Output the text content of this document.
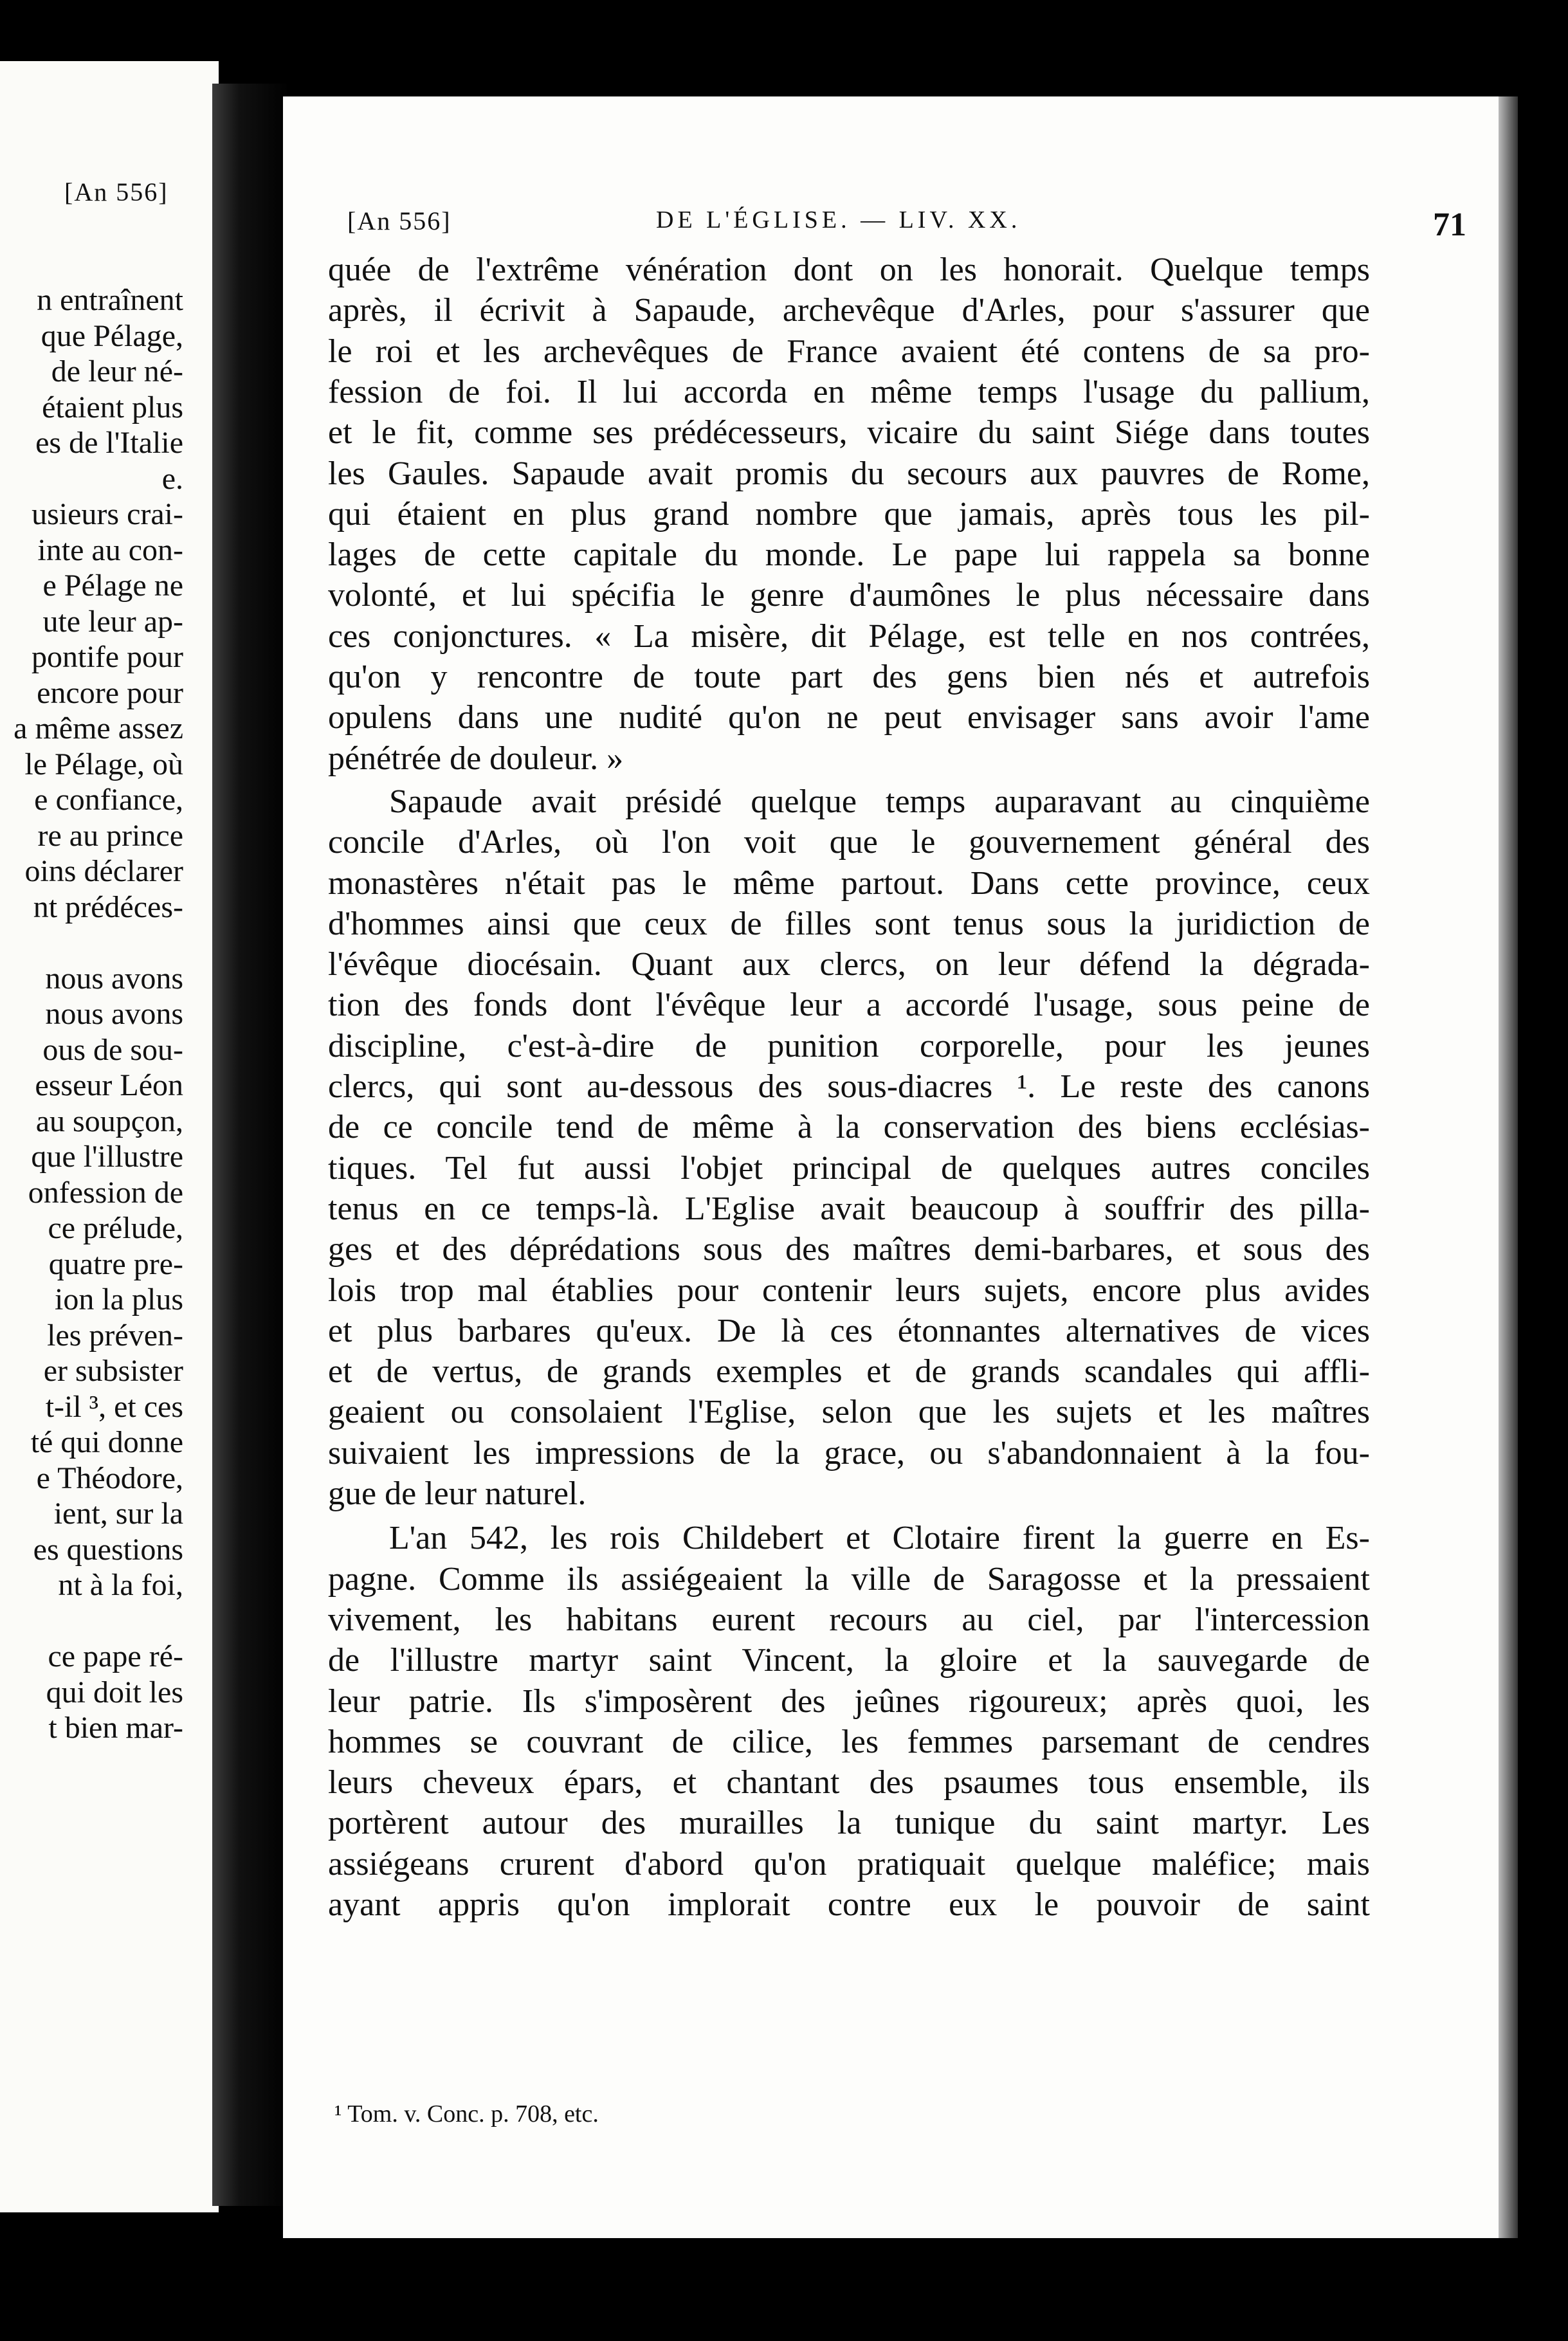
[An 556]
n entraînent
que Pélage,
de leur né-
étaient plus
es de l'Italie
e.
usieurs crai-
inte au con-
e Pélage ne
ute leur ap-
pontife pour
encore pour
a même assez
le Pélage, où
e confiance,
re au prince
oins déclarer
nt prédéces-
nous avons
nous avons
ous de sou-
esseur Léon
au soupçon,
que l'illustre
onfession de
ce prélude,
quatre pre-
ion la plus
les préven-
er subsister
t-il ³, et ces
té qui donne
e Théodore,
ient, sur la
es questions
nt à la foi,
ce pape ré-
qui doit les
t bien mar-
[An 556]	DE L'ÉGLISE. — LIV. XX.	71
quée de l'extrême vénération dont on les honorait. Quelque temps
après, il écrivit à Sapaude, archevêque d'Arles, pour s'assurer que
le roi et les archevêques de France avaient été contens de sa pro-
fession de foi. Il lui accorda en même temps l'usage du pallium,
et le fit, comme ses prédécesseurs, vicaire du saint Siége dans toutes
les Gaules. Sapaude avait promis du secours aux pauvres de Rome,
qui étaient en plus grand nombre que jamais, après tous les pil-
lages de cette capitale du monde. Le pape lui rappela sa bonne
volonté, et lui spécifia le genre d'aumônes le plus nécessaire dans
ces conjonctures. « La misère, dit Pélage, est telle en nos contrées,
qu'on y rencontre de toute part des gens bien nés et autrefois
opulens dans une nudité qu'on ne peut envisager sans avoir l'ame
pénétrée de douleur. »
Sapaude avait présidé quelque temps auparavant au cinquième
concile d'Arles, où l'on voit que le gouvernement général des
monastères n'était pas le même partout. Dans cette province, ceux
d'hommes ainsi que ceux de filles sont tenus sous la juridiction de
l'évêque diocésain. Quant aux clercs, on leur défend la dégrada-
tion des fonds dont l'évêque leur a accordé l'usage, sous peine de
discipline, c'est-à-dire de punition corporelle, pour les jeunes
clercs, qui sont au-dessous des sous-diacres ¹. Le reste des canons
de ce concile tend de même à la conservation des biens ecclésias-
tiques. Tel fut aussi l'objet principal de quelques autres conciles
tenus en ce temps-là. L'Eglise avait beaucoup à souffrir des pilla-
ges et des déprédations sous des maîtres demi-barbares, et sous des
lois trop mal établies pour contenir leurs sujets, encore plus avides
et plus barbares qu'eux. De là ces étonnantes alternatives de vices
et de vertus, de grands exemples et de grands scandales qui affli-
geaient ou consolaient l'Eglise, selon que les sujets et les maîtres
suivaient les impressions de la grace, ou s'abandonnaient à la fou-
gue de leur naturel.
L'an 542, les rois Childebert et Clotaire firent la guerre en Es-
pagne. Comme ils assiégeaient la ville de Saragosse et la pressaient
vivement, les habitans eurent recours au ciel, par l'intercession
de l'illustre martyr saint Vincent, la gloire et la sauvegarde de
leur patrie. Ils s'imposèrent des jeûnes rigoureux; après quoi, les
hommes se couvrant de cilice, les femmes parsemant de cendres
leurs cheveux épars, et chantant des psaumes tous ensemble, ils
portèrent autour des murailles la tunique du saint martyr. Les
assiégeans crurent d'abord qu'on pratiquait quelque maléfice; mais
ayant appris qu'on implorait contre eux le pouvoir de saint
¹ Tom. v. Conc. p. 708, etc.
